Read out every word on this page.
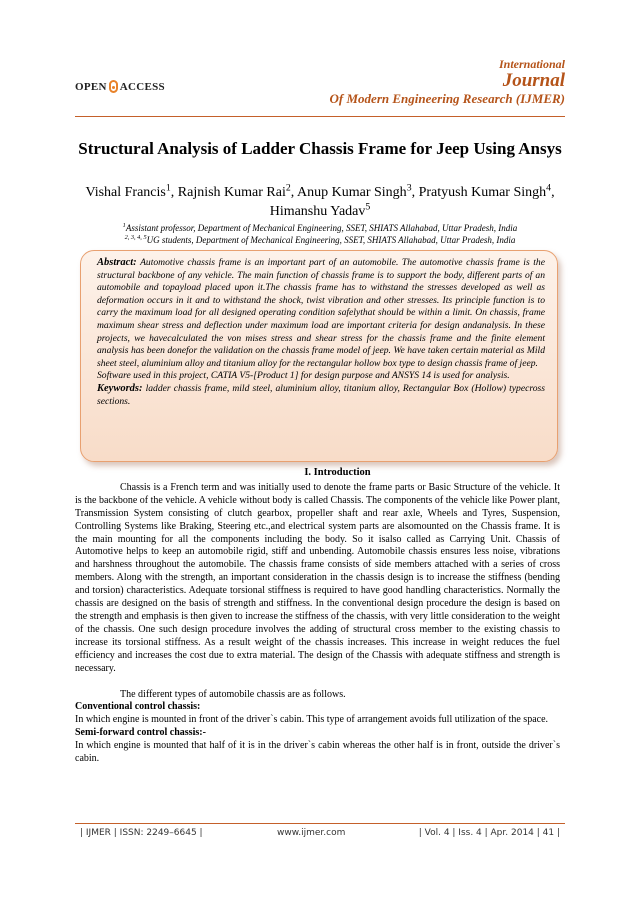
OPEN ACCESS
International
Journal
Of Modern Engineering Research (IJMER)
Structural Analysis of Ladder Chassis Frame for Jeep Using Ansys
Vishal Francis$^1$, Rajnish Kumar Rai$^2$, Anup Kumar Singh$^3$, Pratyush Kumar Singh$^4$, Himanshu Yadav$^5$
$^1$Assistant professor, Department of Mechanical Engineering, SSET, SHIATS Allahabad, Uttar Pradesh, India
$^{2, 3, 4, 5}$UG students, Department of Mechanical Engineering, SSET, SHIATS Allahabad, Uttar Pradesh, India

Abstract: Automotive chassis frame is an important part of an automobile. The automotive chassis frame is the structural backbone of any vehicle. The main function of chassis frame is to support the body, different parts of an automobile and topayload placed upon it.The chassis frame has to withstand the stresses developed as well as deformation occurs in it and to withstand the shock, twist vibration and other stresses. Its principle function is to carry the maximum load for all designed operating condition safelythat should be within a limit. On chassis, frame maximum shear stress and deflection under maximum load are important criteria for design andanalysis. In these projects, we havecalculated the von mises stress and shear stress for the chassis frame and the finite element analysis has been donefor the validation on the chassis frame model of jeep. We have taken certain material as Mild sheet steel, aluminium alloy and titanium alloy for the rectangular hollow box type to design chassis frame of jeep.

Software used in this project, CATIA V5-[Product 1] for design purpose and ANSYS 14 is used for analysis.

Keywords: ladder chassis frame, mild steel, aluminium alloy, titanium alloy, Rectangular Box (Hollow) typecross sections.

I. Introduction

Chassis is a French term and was initially used to denote the frame parts or Basic Structure of the vehicle. It is the backbone of the vehicle. A vehicle without body is called Chassis. The components of the vehicle like Power plant, Transmission System consisting of clutch gearbox, propeller shaft and rear axle, Wheels and Tyres, Suspension, Controlling Systems like Braking, Steering etc.,and electrical system parts are alsomounted on the Chassis frame. It is the main mounting for all the components including the body. So it isalso called as Carrying Unit. Chassis of Automotive helps to keep an automobile rigid, stiff and unbending. Automobile chassis ensures less noise, vibrations and harshness throughout the automobile. The chassis frame consists of side members attached with a series of cross members. Along with the strength, an important consideration in the chassis design is to increase the stiffness (bending and torsion) characteristics. Adequate torsional stiffness is required to have good handling characteristics. Normally the chassis are designed on the basis of strength and stiffness. In the conventional design procedure the design is based on the strength and emphasis is then given to increase the stiffness of the chassis, with very little consideration to the weight of the chassis. One such design procedure involves the adding of structural cross member to the existing chassis to increase its torsional stiffness. As a result weight of the chassis increases. This increase in weight reduces the fuel efficiency and increases the cost due to extra material. The design of the Chassis with adequate stiffness and strength is necessary.

The different types of automobile chassis are as follows.

Conventional control chassis:

In which engine is mounted in front of the driver`s cabin. This type of arrangement avoids full utilization of the space.

Semi-forward control chassis:-

In which engine is mounted that half of it is in the driver`s cabin whereas the other half is in front, outside the driver`s cabin.

| IJMER | ISSN: 2249–6645 |	www.ijmer.com	| Vol. 4 | Iss. 4 | Apr. 2014 | 41 |
